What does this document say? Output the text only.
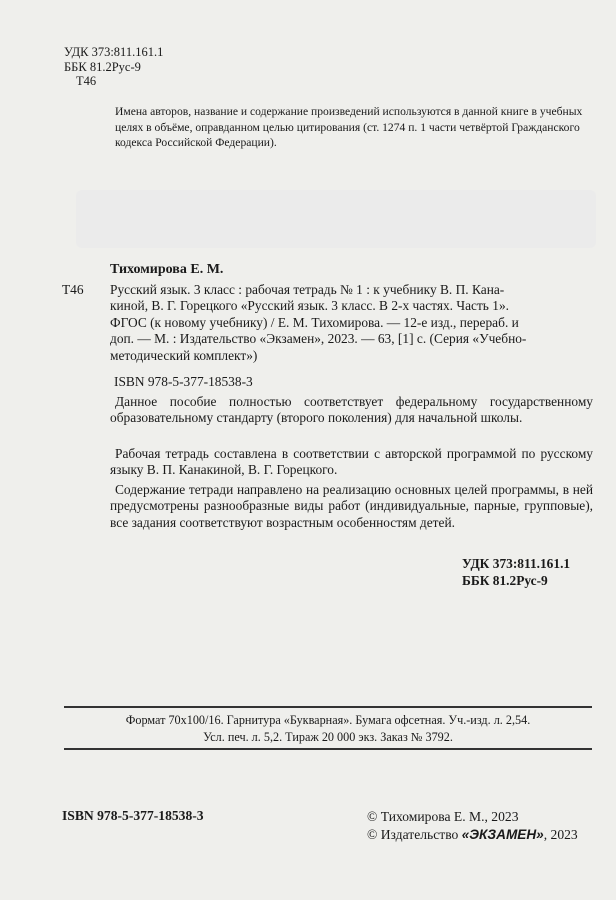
УДК 373:811.161.1
ББК 81.2Рус-9
Т46
Имена авторов, название и содержание произведений используются в данной книге в учебных целях в объёме, оправданном целью цитирования (ст. 1274 п. 1 части четвёртой Гражданского кодекса Российской Федерации).
Тихомирова Е. М.
Т46 Русский язык. 3 класс : рабочая тетрадь № 1 : к учебнику В. П. Кана-
киной, В. Г. Горецкого «Русский язык. 3 класс. В 2-х частях. Часть 1».
ФГОС (к новому учебнику) / Е. М. Тихомирова. — 12-е изд., перераб. и
доп. — М. : Издательство «Экзамен», 2023. — 63, [1] с. (Серия «Учебно-
методический комплект»)
ISBN 978-5-377-18538-3
Данное пособие полностью соответствует федеральному государственному образовательному стандарту (второго поколения) для начальной школы.
Рабочая тетрадь составлена в соответствии с авторской программой по русскому языку В. П. Канакиной, В. Г. Горецкого.
Содержание тетради направлено на реализацию основных целей программы, в ней предусмотрены разнообразные виды работ (индивидуальные, парные, групповые), все задания соответствуют возрастным особенностям детей.
УДК 373:811.161.1
ББК 81.2Рус-9
Формат 70x100/16. Гарнитура «Букварная». Бумага офсетная. Уч.-изд. л. 2,54.
Усл. печ. л. 5,2. Тираж 20 000 экз. Заказ № 3792.
ISBN 978-5-377-18538-3	© Тихомирова Е. М., 2023
© Издательство «ЭКЗАМЕН», 2023
